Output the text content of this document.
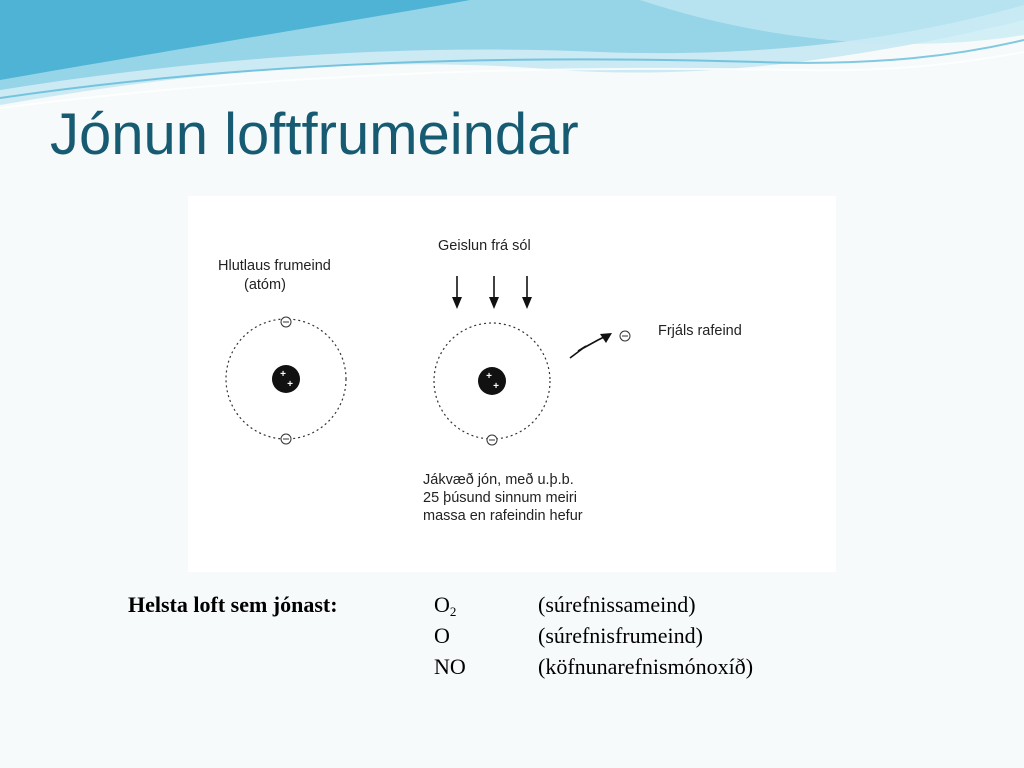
Jónun loftfrumeindar
Hlutlaus frumeind
(atóm)
+
+
Geislun frá sól
+
+
Frjáls rafeind
Jákvæð jón, með u.þ.b.
25 þúsund sinnum meiri
massa en rafeindin hefur
Helsta loft sem jónast:	$O_2$	(súrefnissameind)
O	(súrefnisfrumeind)
NO	(köfnunarefnismónoxíð)
